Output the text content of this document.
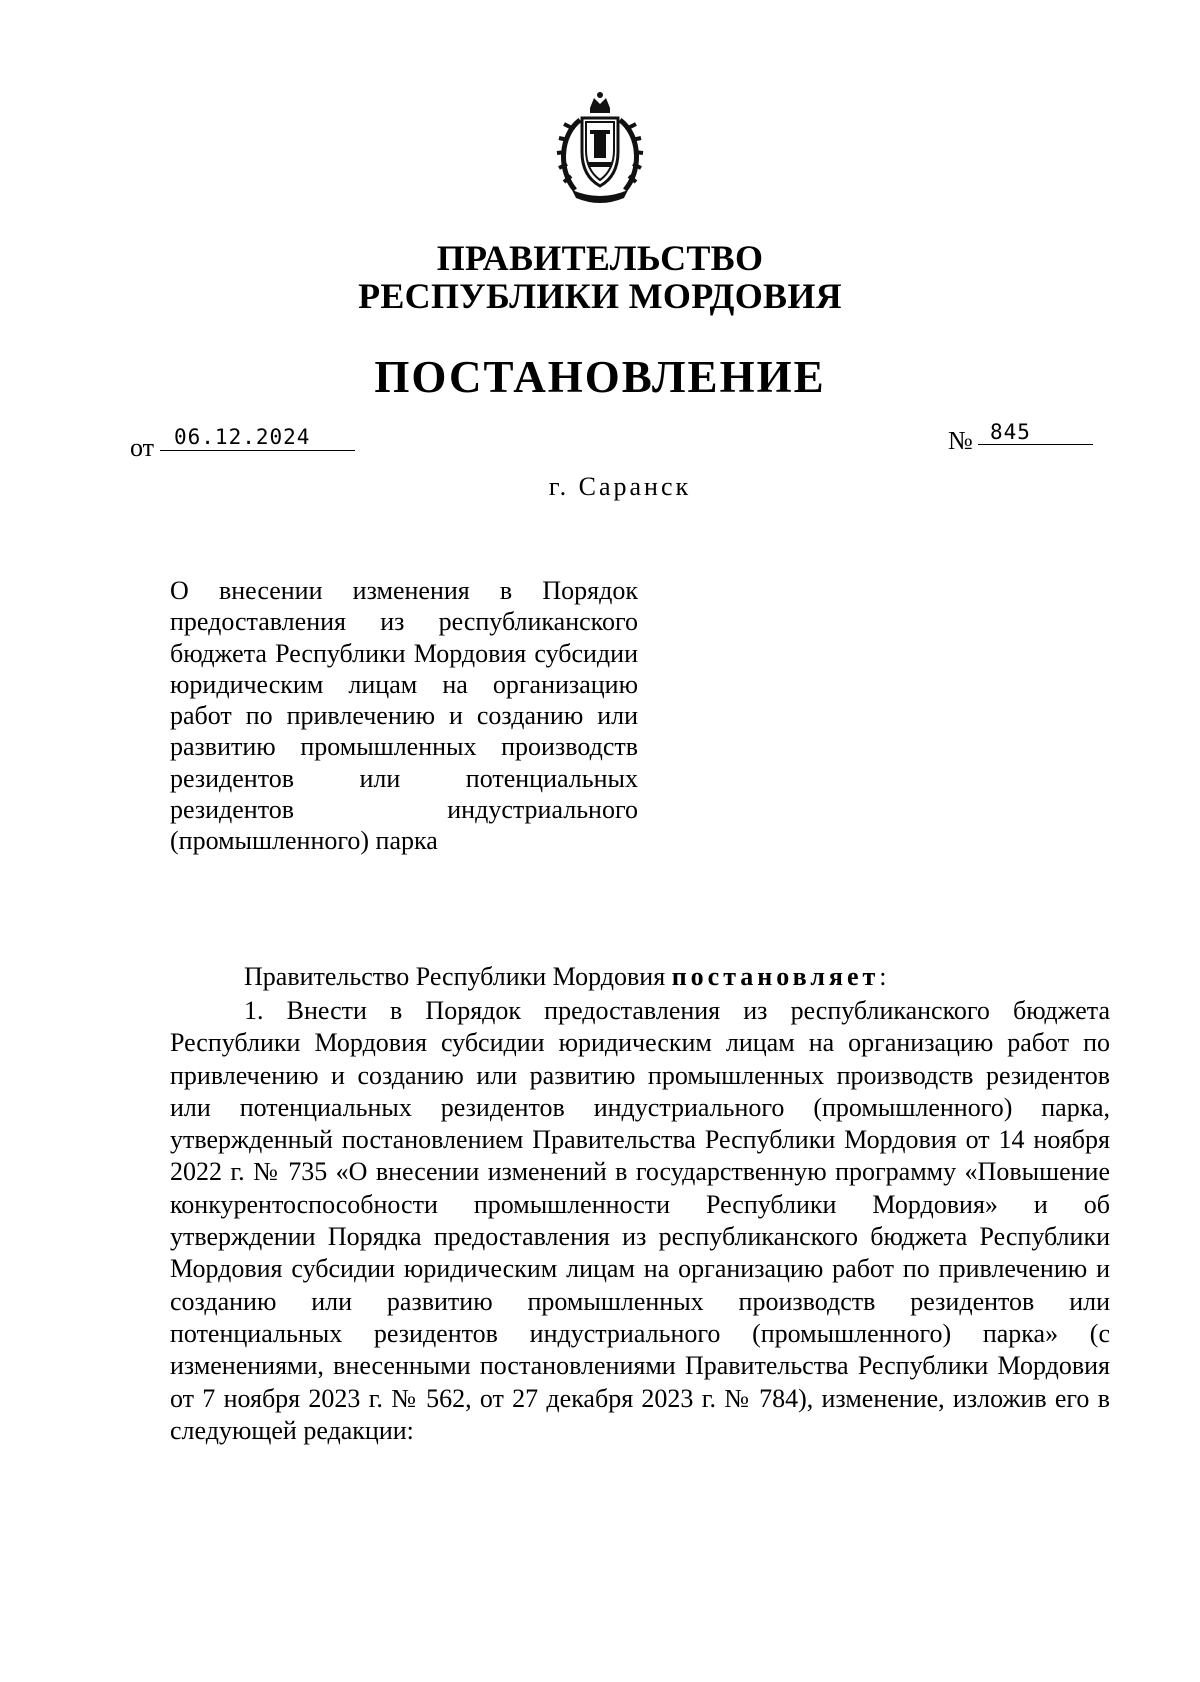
ПРАВИТЕЛЬСТВО
РЕСПУБЛИКИ МОРДОВИЯ
ПОСТАНОВЛЕНИЕ
от 06.12.2024	№ 845

г. Саранск

О внесении изменения в Порядок предоставления из республиканского бюджета Республики Мордовия субсидии юридическим лицам на организацию работ по привлечению и созданию или развитию промышленных производств резидентов или потенциальных резидентов индустриального (промышленного) парка

Правительство Республики Мордовия постановляет:

1. Внести в Порядок предоставления из республиканского бюджета Республики Мордовия субсидии юридическим лицам на организацию работ по привлечению и созданию или развитию промышленных производств резидентов или потенциальных резидентов индустриального (промышленного) парка, утвержденный постановлением Правительства Республики Мордовия от 14 ноября 2022 г. № 735 «О внесении изменений в государственную программу «Повышение конкурентоспособности промышленности Республики Мордовия» и об утверждении Порядка предоставления из республиканского бюджета Республики Мордовия субсидии юридическим лицам на организацию работ по привлечению и созданию или развитию промышленных производств резидентов или потенциальных резидентов индустриального (промышленного) парка» (с изменениями, внесенными постановлениями Правительства Республики Мордовия от 7 ноября 2023 г. № 562, от 27 декабря 2023 г. № 784), изменение, изложив его в следующей редакции:
